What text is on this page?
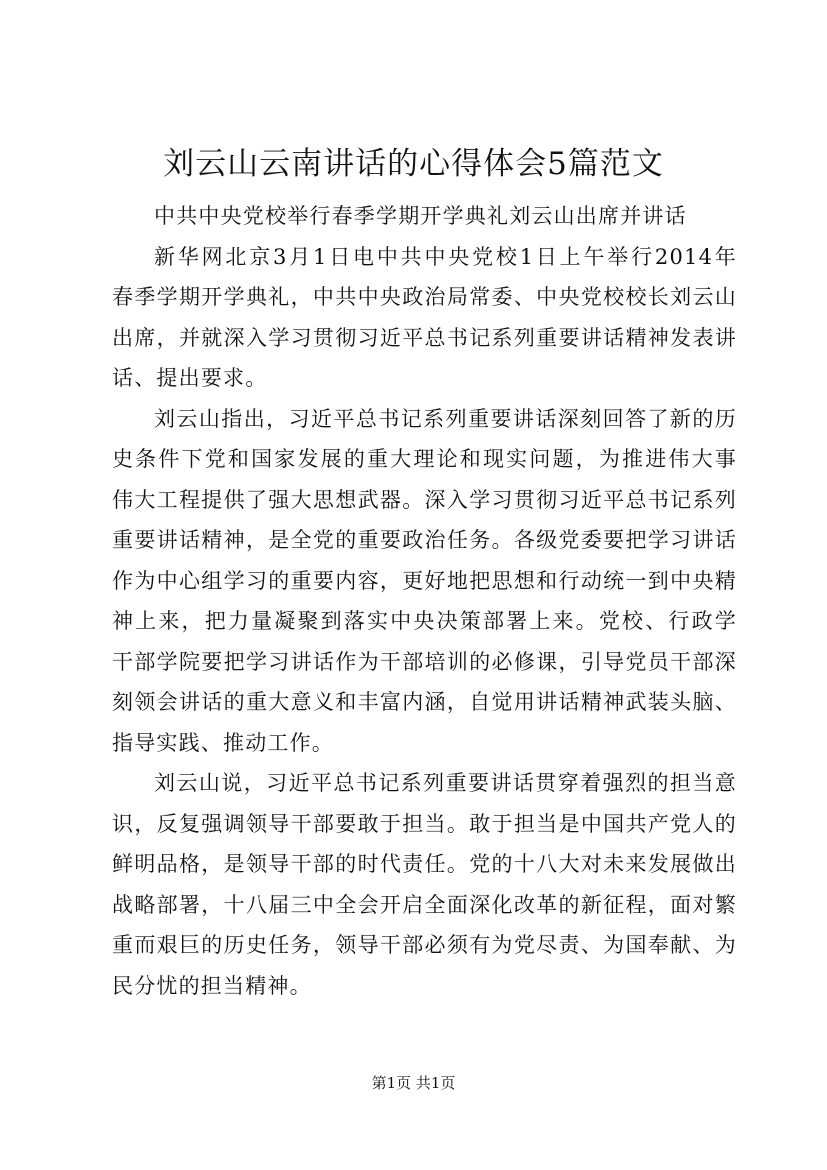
刘云山云南讲话的心得体会5篇范文
中共中央党校举行春季学期开学典礼刘云山出席并讲话
新华网北京3月1日电中共中央党校1日上午举行2014年
春季学期开学典礼，中共中央政治局常委、中央党校校长刘云山
出席，并就深入学习贯彻习近平总书记系列重要讲话精神发表讲
话、提出要求。
刘云山指出，习近平总书记系列重要讲话深刻回答了新的历
史条件下党和国家发展的重大理论和现实问题，为推进伟大事
伟大工程提供了强大思想武器。深入学习贯彻习近平总书记系列
重要讲话精神，是全党的重要政治任务。各级党委要把学习讲话
作为中心组学习的重要内容，更好地把思想和行动统一到中央精
神上来，把力量凝聚到落实中央决策部署上来。党校、行政学
干部学院要把学习讲话作为干部培训的必修课，引导党员干部深
刻领会讲话的重大意义和丰富内涵，自觉用讲话精神武装头脑、
指导实践、推动工作。
刘云山说，习近平总书记系列重要讲话贯穿着强烈的担当意
识，反复强调领导干部要敢于担当。敢于担当是中国共产党人的
鲜明品格，是领导干部的时代责任。党的十八大对未来发展做出
战略部署，十八届三中全会开启全面深化改革的新征程，面对繁
重而艰巨的历史任务，领导干部必须有为党尽责、为国奉献、为
民分忧的担当精神。
第1页 共1页
